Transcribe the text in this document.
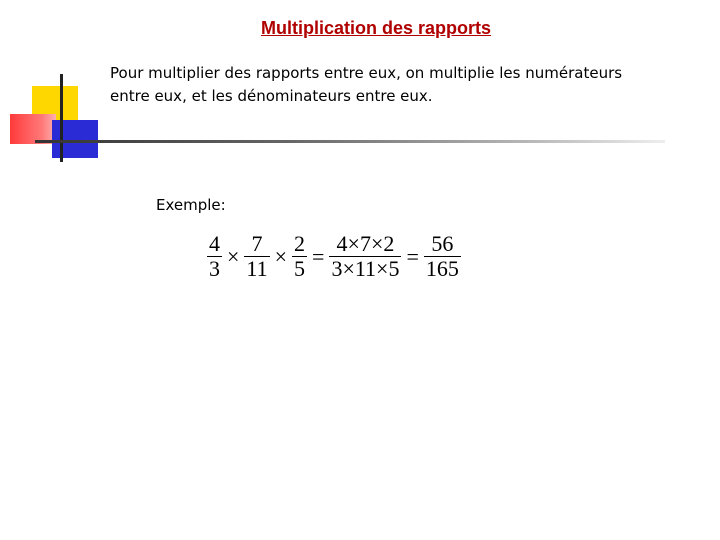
Multiplication des rapports
Pour multiplier des rapports entre eux, on multiplie les numérateurs
entre eux, et les dénominateurs entre eux.
Exemple:
$\frac{4}{3} \times \frac{7}{11} \times \frac{2}{5} = \frac{4\times 7\times 2}{3\times 11\times 5} = \frac{56}{165}$
